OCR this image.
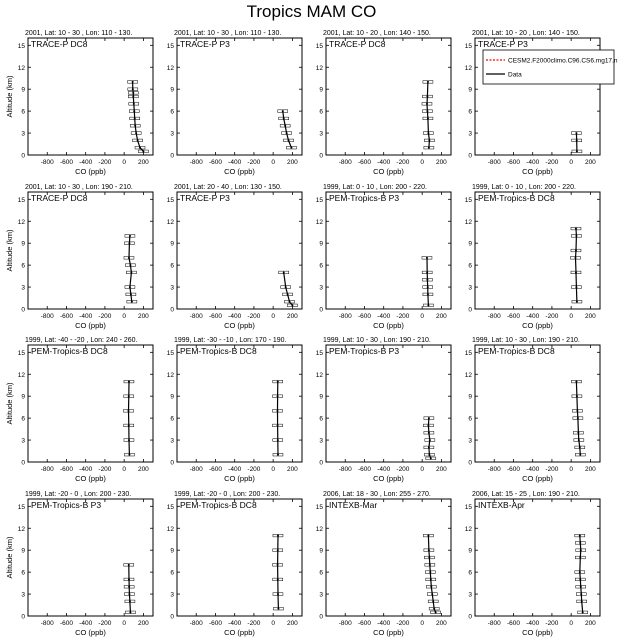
Tropics MAM CO
2001, Lat: 10 - 30 , Lon: 110 - 130.
TRACE-P DC8
-800 -600 -400 -200 0 200
0
3
6
9
12
15
CO (ppb)
Altitude (km)
2001, Lat: 10 - 30 , Lon: 110 - 130.
TRACE-P P3
-800 -600 -400 -200 0 200
0
3
6
9
12
15
CO (ppb)
2001, Lat: 10 - 20 , Lon: 140 - 150.
TRACE-P DC8
-800 -600 -400 -200 0 200
0
3
6
9
12
15
CO (ppb)
2001, Lat: 10 - 20 , Lon: 140 - 150.
TRACE-P P3
-800 -600 -400 -200 0 200
0
3
6
9
12
15
CO (ppb)
CESM2.F2000climo.C96.CS6.mg17.n
Data
2001, Lat: 10 - 30 , Lon: 190 - 210.
TRACE-P DC8
-800 -600 -400 -200 0 200
0
3
6
9
12
15
CO (ppb)
Altitude (km)
2001, Lat: 20 - 40 , Lon: 130 - 150.
TRACE-P P3
-800 -600 -400 -200 0 200
0
3
6
9
12
15
CO (ppb)
1999, Lat: 0 - 10 , Lon: 200 - 220.
PEM-Tropics-B P3
-800 -600 -400 -200 0 200
0
3
6
9
12
15
CO (ppb)
1999, Lat: 0 - 10 , Lon: 200 - 220.
PEM-Tropics-B DC8
-800 -600 -400 -200 0 200
0
3
6
9
12
15
CO (ppb)
1999, Lat: -40 - -20 , Lon: 240 - 260.
PEM-Tropics-B DC8
-800 -600 -400 -200 0 200
0
3
6
9
12
15
CO (ppb)
Altitude (km)
1999, Lat: -30 - -10 , Lon: 170 - 190.
PEM-Tropics-B DC8
-800 -600 -400 -200 0 200
0
3
6
9
12
15
CO (ppb)
1999, Lat: 10 - 30 , Lon: 190 - 210.
PEM-Tropics-B P3
-800 -600 -400 -200 0 200
0
3
6
9
12
15
CO (ppb)
1999, Lat: 10 - 30 , Lon: 190 - 210.
PEM-Tropics-B DC8
-800 -600 -400 -200 0 200
0
3
6
9
12
15
CO (ppb)
1999, Lat: -20 - 0 , Lon: 200 - 230.
PEM-Tropics-B P3
-800 -600 -400 -200 0 200
0
3
6
9
12
15
CO (ppb)
Altitude (km)
1999, Lat: -20 - 0 , Lon: 200 - 230.
PEM-Tropics-B DC8
-800 -600 -400 -200 0 200
0
3
6
9
12
15
CO (ppb)
2006, Lat: 18 - 30 , Lon: 255 - 270.
INTEXB-Mar
-800 -600 -400 -200 0 200
0
3
6
9
12
15
CO (ppb)
2006, Lat: 15 - 25 , Lon: 190 - 210.
INTEXB-Apr
-800 -600 -400 -200 0 200
0
3
6
9
12
15
CO (ppb)
